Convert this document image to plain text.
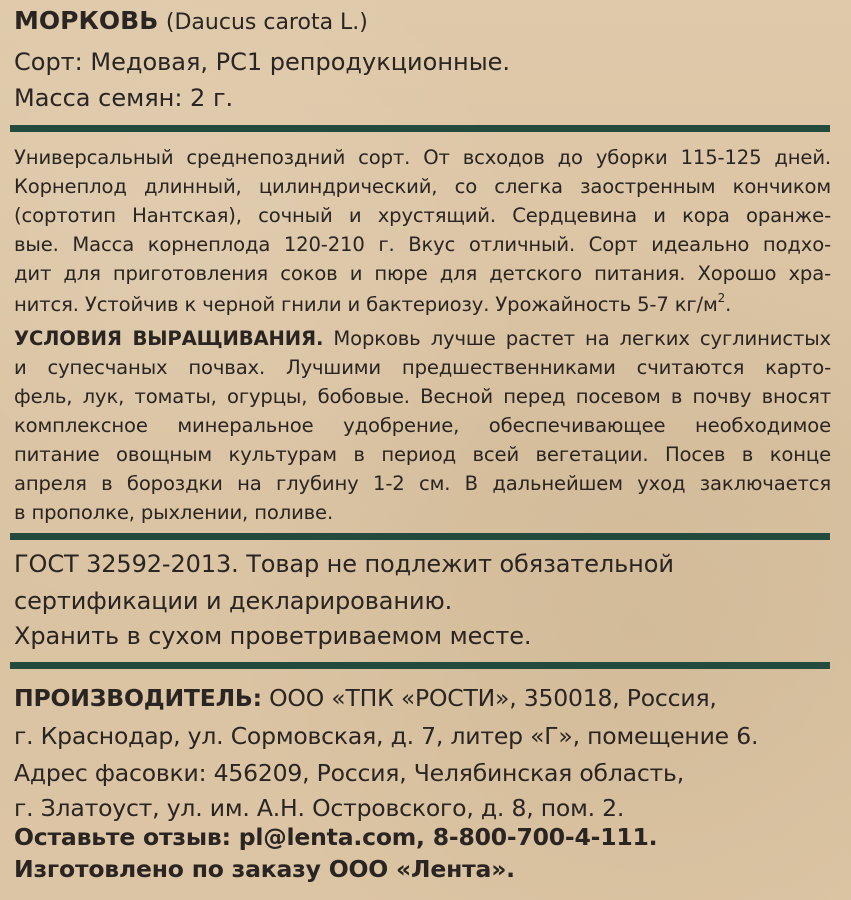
МОРКОВЬ (Daucus carota L.)
Сорт: Медовая, РС1 репродукционные.
Масса семян: 2 г.
Универсальный среднепоздний сорт. От всходов до уборки 115-125 дней.
Корнеплод длинный, цилиндрический, со слегка заостренным кончиком
(сортотип Нантская), сочный и хрустящий. Сердцевина и кора оранже-
вые. Масса корнеплода 120-210 г. Вкус отличный. Сорт идеально подхо-
дит для приготовления соков и пюре для детского питания. Хорошо хра-
нится. Устойчив к черной гнили и бактериозу. Урожайность 5-7 $кг/м^2$.
УСЛОВИЯ ВЫРАЩИВАНИЯ. Морковь лучше растет на легких суглинистых
и супесчаных почвах. Лучшими предшественниками считаются карто-
фель, лук, томаты, огурцы, бобовые. Весной перед посевом в почву вносят
комплексное минеральное удобрение, обеспечивающее необходимое
питание овощным культурам в период всей вегетации. Посев в конце
апреля в бороздки на глубину 1-2 см. В дальнейшем уход заключается
в прополке, рыхлении, поливе.
ГОСТ 32592-2013. Товар не подлежит обязательной
сертификации и декларированию.
Хранить в сухом проветриваемом месте.
ПРОИЗВОДИТЕЛЬ: ООО «ТПК «РОСТИ», 350018, Россия,
г. Краснодар, ул. Сормовская, д. 7, литер «Г», помещение 6.
Адрес фасовки: 456209, Россия, Челябинская область,
г. Златоуст, ул. им. А.Н. Островского, д. 8, пом. 2.
Оставьте отзыв: pl@lenta.com, 8-800-700-4-111.
Изготовлено по заказу ООО «Лента».
